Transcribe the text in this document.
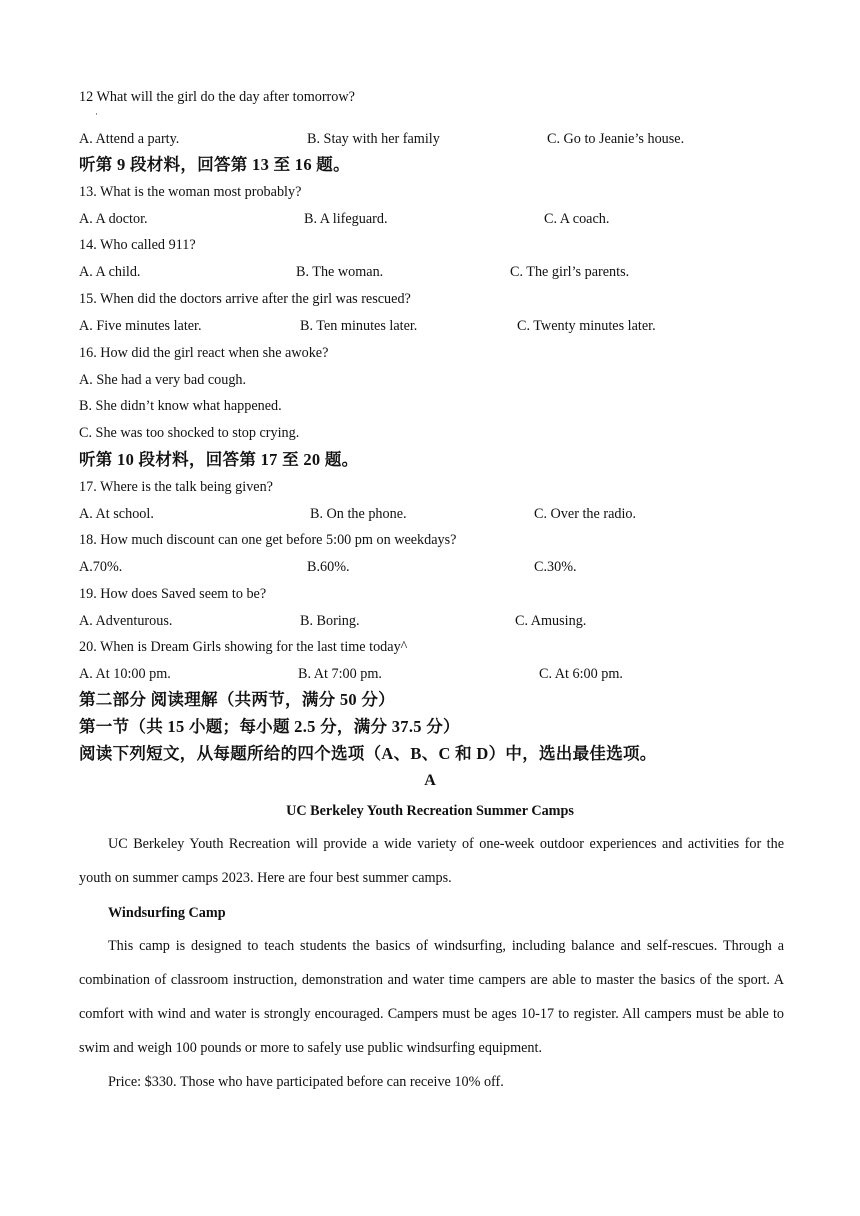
12 What will the girl do the day after tomorrow?
·
A. Attend a party.	B. Stay with her family	C. Go to Jeanie’s house.
听第 9 段材料，回答第 13 至 16 题。
13. What is the woman most probably?
A. A doctor.	B. A lifeguard.	C. A coach.
14. Who called 911?
A. A child.	B. The woman.	C. The girl’s parents.
15. When did the doctors arrive after the girl was rescued?
A. Five minutes later.	B. Ten minutes later.	C. Twenty minutes later.
16. How did the girl react when she awoke?
A. She had a very bad cough.
B. She didn’t know what happened.
C. She was too shocked to stop crying.
听第 10 段材料，回答第 17 至 20 题。
17. Where is the talk being given?
A. At school.	B. On the phone.	C. Over the radio.
18. How much discount can one get before 5:00 pm on weekdays?
A.70%.	B.60%.	C.30%.
19. How does Saved seem to be?
A. Adventurous.	B. Boring.	C. Amusing.
20. When is Dream Girls showing for the last time today^
A. At 10:00 pm.	B. At 7:00 pm.	C. At 6:00 pm.
第二部分 阅读理解（共两节，满分 50 分）
第一节（共 15 小题；每小题 2.5 分，满分 37.5 分）
阅读下列短文，从每题所给的四个选项（A、B、C 和 D）中，选出最佳选项。
A
UC Berkeley Youth Recreation Summer Camps
UC Berkeley Youth Recreation will provide a wide variety of one-week outdoor experiences and activities for the youth on summer camps 2023. Here are four best summer camps.
Windsurfing Camp
This camp is designed to teach students the basics of windsurfing, including balance and self-rescues. Through a combination of classroom instruction, demonstration and water time campers are able to master the basics of the sport. A comfort with wind and water is strongly encouraged. Campers must be ages 10-17 to register. All campers must be able to swim and weigh 100 pounds or more to safely use public windsurfing equipment.
Price: $330. Those who have participated before can receive 10% off.
